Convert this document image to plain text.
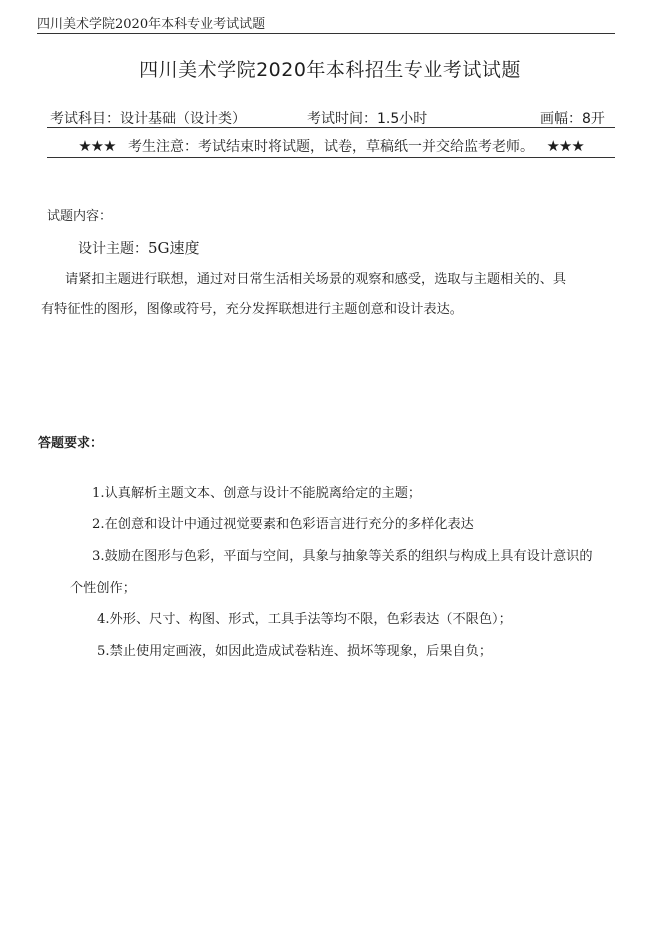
四川美术学院2020年本科专业考试试题
四川美术学院2020年本科招生专业考试试题
考试科目：设计基础（设计类）	考试时间：1.5小时	画幅：8开
★★★ 考生注意：考试结束时将试题，试卷，草稿纸一并交给监考老师。 ★★★
试题内容：
设计主题：5G速度
请紧扣主题进行联想，通过对日常生活相关场景的观察和感受，选取与主题相关的、具
有特征性的图形，图像或符号，充分发挥联想进行主题创意和设计表达。
答题要求：
1.认真解析主题文本、创意与设计不能脱离给定的主题；
2.在创意和设计中通过视觉要素和色彩语言进行充分的多样化表达
3.鼓励在图形与色彩，平面与空间，具象与抽象等关系的组织与构成上具有设计意识的
个性创作；
4.外形、尺寸、构图、形式，工具手法等均不限，色彩表达（不限色）；
5.禁止使用定画液，如因此造成试卷粘连、损坏等现象，后果自负；
